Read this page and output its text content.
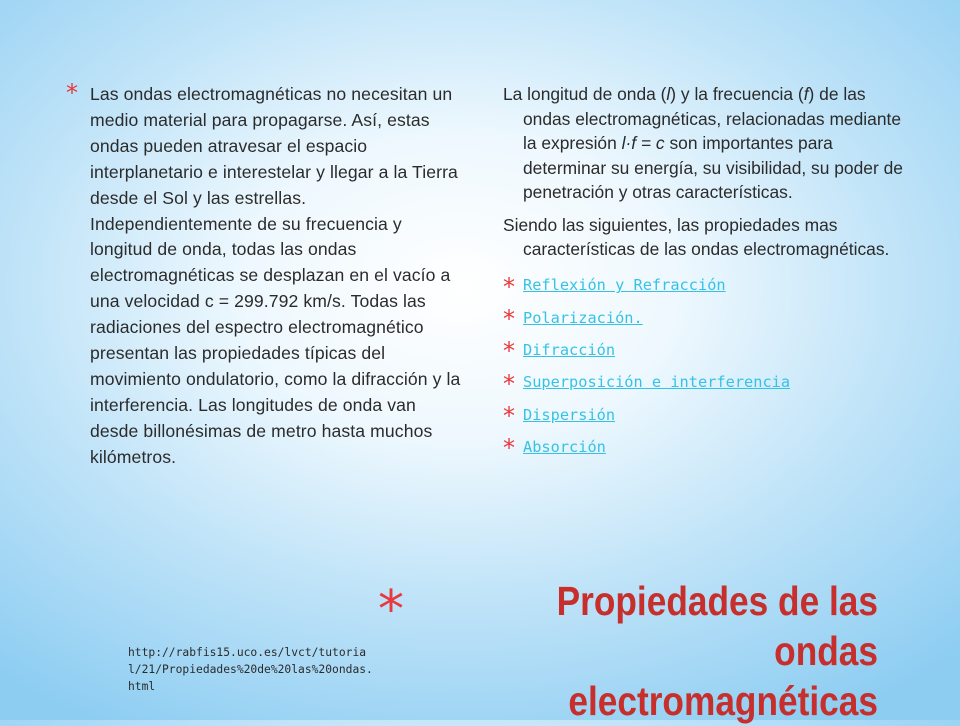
* Las ondas electromagnéticas no necesitan un medio material para propagarse. Así, estas ondas pueden atravesar el espacio interplanetario e interestelar y llegar a la Tierra desde el Sol y las estrellas. Independientemente de su frecuencia y longitud de onda, todas las ondas electromagnéticas se desplazan en el vacío a una velocidad c = 299.792 km/s. Todas las radiaciones del espectro electromagnético presentan las propiedades típicas del movimiento ondulatorio, como la difracción y la interferencia. Las longitudes de onda van desde billonésimas de metro hasta muchos kilómetros.

La longitud de onda (l) y la frecuencia (f) de las ondas electromagnéticas, relacionadas mediante la expresión l·f = c son importantes para determinar su energía, su visibilidad, su poder de penetración y otras características.

Siendo las siguientes, las propiedades mas características de las ondas electromagnéticas.

* Reflexión y Refracción
* Polarización.
* Difracción
* Superposición e interferencia
* Dispersión
* Absorción
*	Propiedades de las ondas electromagnéticas
http://rabfis15.uco.es/lvct/tutorial/21/Propiedades%20de%20las%20ondas.html
